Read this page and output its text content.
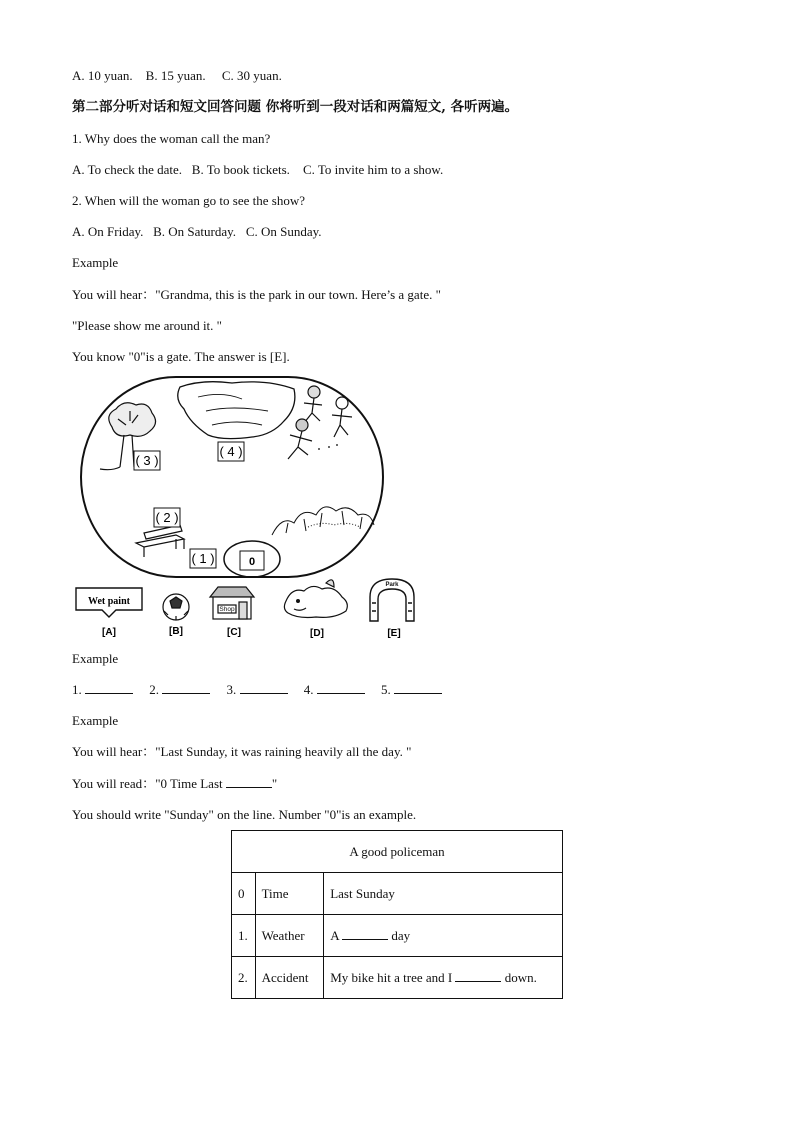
A. 10 yuan. B. 15 yuan. C. 30 yuan.
第二部分听对话和短文回答问题 你将听到一段对话和两篇短文, 各听两遍。
1. Why does the woman call the man?
A. To check the date. B. To book tickets. C. To invite him to a show.
2. When will the woman go to see the show?
A. On Friday. B. On Saturday. C. On Sunday.
Example
You will hear："Grandma, this is the park in our town. Here’s a gate. "
"Please show me around it. "
You know "0"is a gate. The answer is [E].
( 3 )
( 4 )
( 2 )
( 1 )	0
Wet paint
[A]	[B]
Shop
[C]	[D]
Park
[E]
Example
1.	2.	3.	4.	5.
Example
You will hear："Last Sunday, it was raining heavily all the day. "
You will read："0 Time Last	"
You should write "Sunday" on the line. Number "0"is an example.
A good policeman		
0	Time	Last Sunday
1.	Weather	A day
2.	Accident	My bike hit a tree and I down.
